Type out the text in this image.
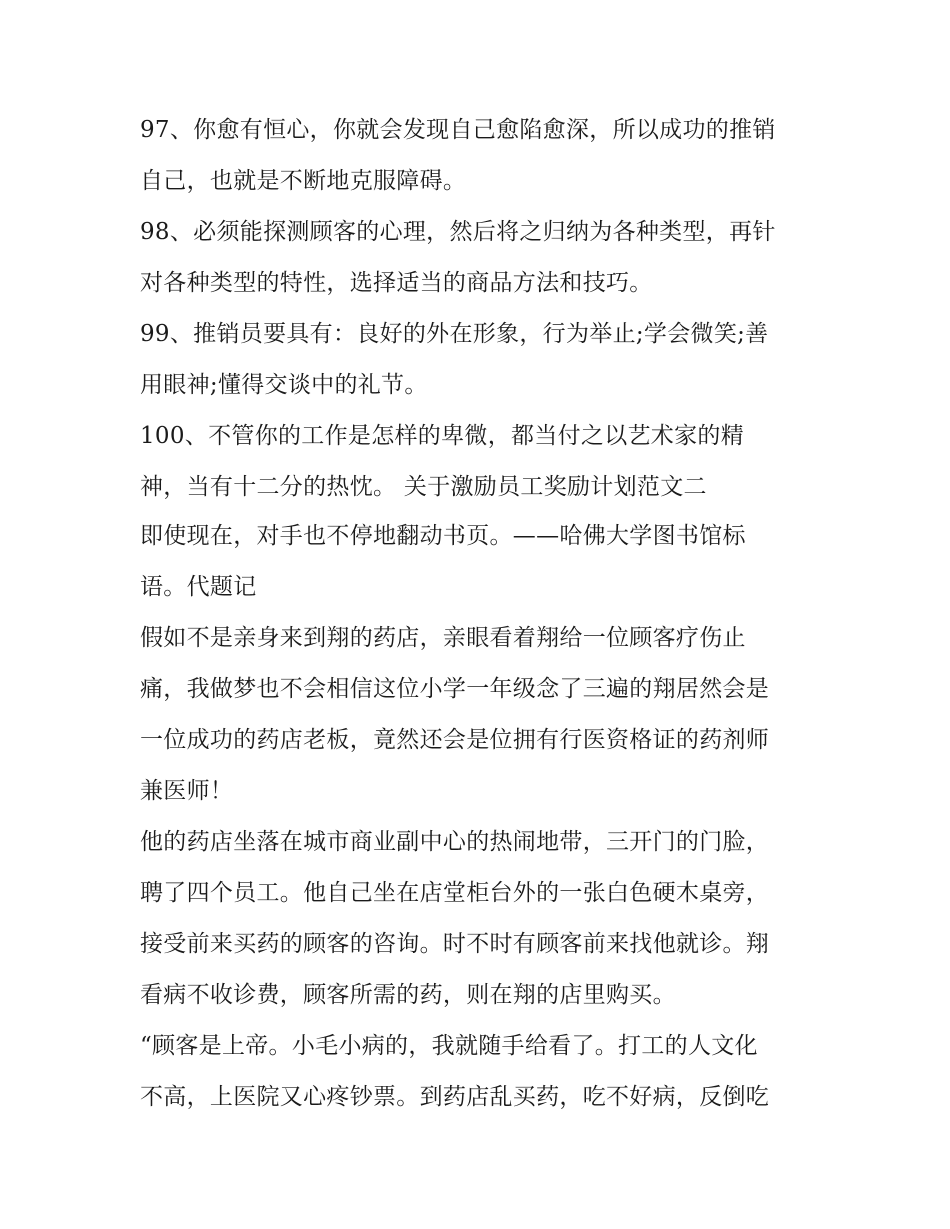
97、你愈有恒心，你就会发现自己愈陷愈深，所以成功的推销
自己，也就是不断地克服障碍。
98、必须能探测顾客的心理，然后将之归纳为各种类型，再针
对各种类型的特性，选择适当的商品方法和技巧。
99、推销员要具有：良好的外在形象，行为举止;学会微笑;善
用眼神;懂得交谈中的礼节。
100、不管你的工作是怎样的卑微，都当付之以艺术家的精
神，当有十二分的热忱。 关于激励员工奖励计划范文二
即使现在，对手也不停地翻动书页。——哈佛大学图书馆标
语。代题记
假如不是亲身来到翔的药店，亲眼看着翔给一位顾客疗伤止
痛，我做梦也不会相信这位小学一年级念了三遍的翔居然会是
一位成功的药店老板，竟然还会是位拥有行医资格证的药剂师
兼医师！
他的药店坐落在城市商业副中心的热闹地带，三开门的门脸，
聘了四个员工。他自己坐在店堂柜台外的一张白色硬木桌旁，
接受前来买药的顾客的咨询。时不时有顾客前来找他就诊。翔
看病不收诊费，顾客所需的药，则在翔的店里购买。
“顾客是上帝。小毛小病的，我就随手给看了。打工的人文化
不高，上医院又心疼钞票。到药店乱买药，吃不好病，反倒吃
